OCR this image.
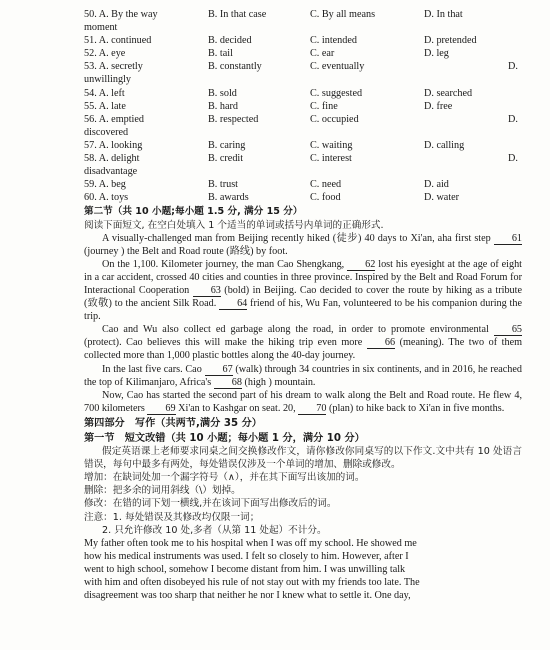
50. A. By the way	B. In that case	C. By all means	D. In that
moment
51. A. continued	B. decided	C. intended	D. pretended
52. A. eye	B. tail	C. ear	D. leg
53. A. secretly	B. constantly	C. eventually	D.
unwillingly
54. A. left	B. sold	C. suggested	D. searched
55. A. late	B. hard	C. fine	D. free
56. A. emptied	B. respected	C. occupied	D.
discovered
57. A. looking	B. caring	C. waiting	D. calling
58. A. delight	B. credit	C. interest	D.
disadvantage
59. A. beg	B. trust	C. need	D. aid
60. A. toys	B. awards	C. food	D. water
第二节（共 10 小题;每小题 1.5 分, 满分 15 分）
阅读下面短文, 在空白处填入 1 个适当的单词或括号内单词的正确形式.

A visually-challenged man from Beijing recently hiked (徒步) 40 days to Xi'an, aha first step 61 (journey ) the Belt and Road route (路线) by foot.

On the 1,100. Kilometer journey, the man Cao Shengkang, 62 lost his eyesight at the age of eight in a car accident, crossed 40 cities and counties in three province. Inspired by the Belt and Road Forum for Interactional Cooperation 63 (bold) in Beijing. Cao decided to cover the route by hiking as a tribute (致敬) to the ancient Silk Road. 64 friend of his, Wu Fan, volunteered to be his companion during the trip.

Cao and Wu also collect ed garbage along the road, in order to promote environmental 65 (protect). Cao believes this will make the hiking trip even more 66 (meaning). The two of them collected more than 1,000 plastic bottles along the 40-day journey.

In the last five cars. Cao 67 (walk) through 34 countries in six continents, and in 2016, he reached the top of Kilimanjaro, Africa's 68 (high ) mountain.

Now, Cao has started the second part of his dream to walk along the Belt and Road route. He flew 4, 700 kilometers 69 Xi'an to Kashgar on seat. 20, 70 (plan) to hike back to Xi'an in five months.

第四部分　写作（共两节,满分 35 分）
第一节　短文改错（共 10 小题；每小题 1 分，满分 10 分）

假定英语课上老师要求同桌之间交换修改作文，请你修改你同桌写的以下作文.文中共有 10 处语言错误，每句中最多有两处，每处错误仅涉及一个单词的增加、删除或修改。

增加：在缺词处加一个漏字符号（∧），并在其下面写出该加的词。
删除：把多余的词用斜线（\）划掉。
修改：在错的词下划一横线,并在该词下面写出修改后的词。
注意：1. 每处错误及其修改均仅限一词；
2. 只允许修改 10 处,多者（从第 11 处起）不计分。
My father often took me to his hospital when I was off my school. He showed me
how his medical instruments was used. I felt so closely to him. However, after I
went to high school, somehow I become distant from him. I was unwilling talk
with him and often disobeyed his rule of not stay out with my friends too late. The
disagreement was too sharp that neither he nor I knew what to settle it. One day,
